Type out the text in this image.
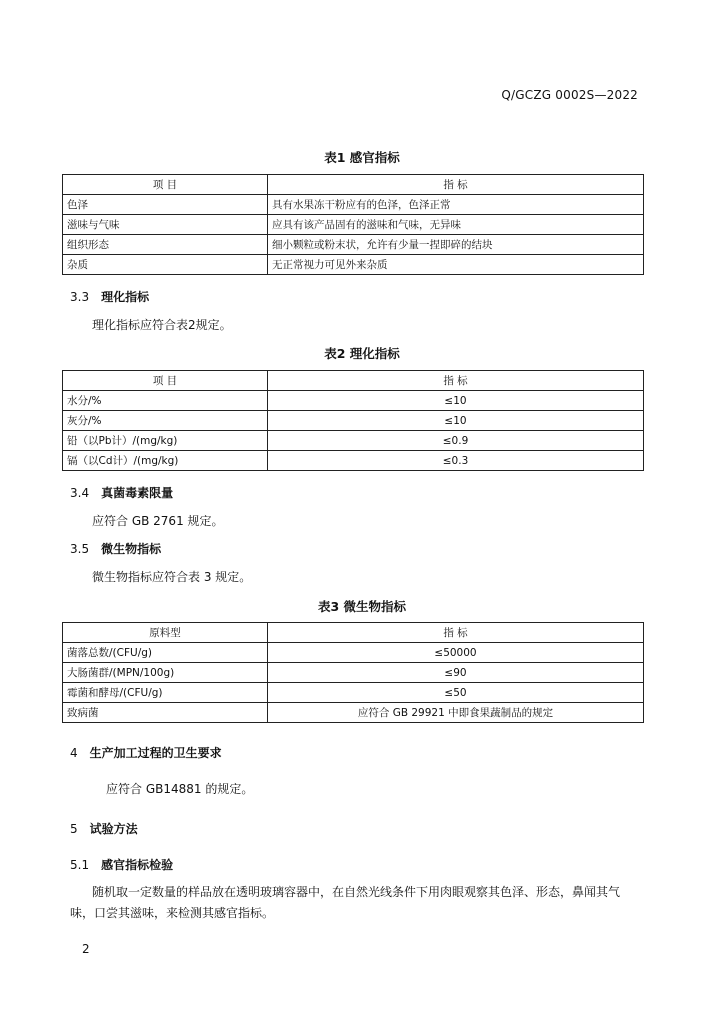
Q/GCZG 0002S—2022
表1 感官指标
项 目	指 标
色泽	具有水果冻干粉应有的色泽，色泽正常
滋味与气味	应具有该产品固有的滋味和气味，无异味
组织形态	细小颗粒或粉末状，允许有少量一捏即碎的结块
杂质	无正常视力可见外来杂质
3.3 理化指标
理化指标应符合表2规定。
表2 理化指标
项 目	指 标
水分/%	≤10
灰分/%	≤10
铅（以Pb计）/(mg/kg)	≤0.9
镉（以Cd计）/(mg/kg)	≤0.3
3.4 真菌毒素限量
应符合 GB 2761 规定。
3.5 微生物指标
微生物指标应符合表 3 规定。
表3 微生物指标
原料型	指 标
菌落总数/(CFU/g)	≤50000
大肠菌群/(MPN/100g)	≤90
霉菌和酵母/(CFU/g)	≤50
致病菌	应符合 GB 29921 中即食果蔬制品的规定
4 生产加工过程的卫生要求
应符合 GB14881 的规定。
5 试验方法
5.1 感官指标检验
随机取一定数量的样品放在透明玻璃容器中，在自然光线条件下用肉眼观察其色泽、形态，鼻闻其气味，口尝其滋味，来检测其感官指标。
2
